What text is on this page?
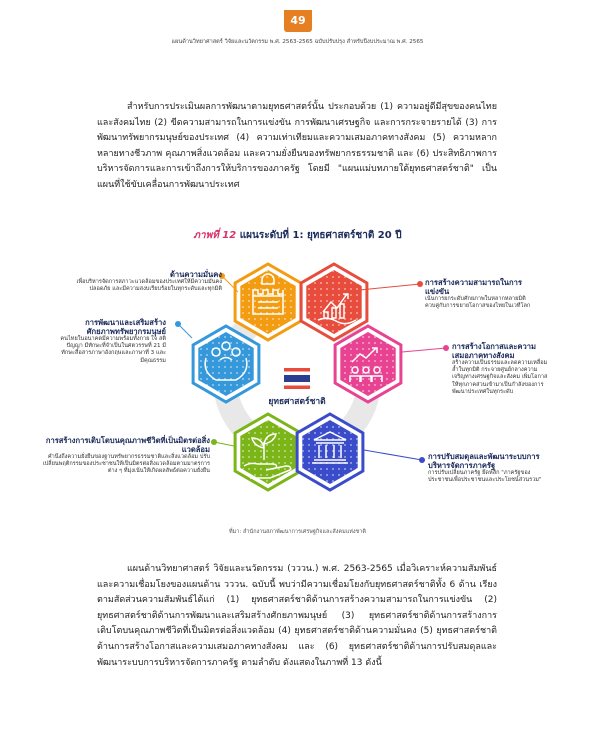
49
แผนด้านวิทยาศาสตร์ วิจัยและนวัตกรรม พ.ศ. 2563-2565 ฉบับปรับปรุง สำหรับปีงบประมาณ พ.ศ. 2565
สำหรับการประเมินผลการพัฒนาตามยุทธศาสตร์นั้น ประกอบด้วย (1) ความอยู่ดีมีสุขของคนไทยและสังคมไทย (2) ขีดความสามารถในการแข่งขัน การพัฒนาเศรษฐกิจ และการกระจายรายได้ (3) การพัฒนาทรัพยากรมนุษย์ของประเทศ (4) ความเท่าเทียมและความเสมอภาคทางสังคม (5) ความหลากหลายทางชีวภาพ คุณภาพสิ่งแวดล้อม และความยั่งยืนของทรัพยากรธรรมชาติ และ (6) ประสิทธิภาพการบริหารจัดการและการเข้าถึงการให้บริการของภาครัฐ โดยมี "แผนแม่บทภายใต้ยุทธศาสตร์ชาติ" เป็นแผนที่ใช้ขับเคลื่อนการพัฒนาประเทศ
ภาพที่ 12 แผนระดับที่ 1: ยุทธศาสตร์ชาติ 20 ปี
ยุทธศาสตร์ชาติ
ด้านความมั่นคง
เพื่อบริหารจัดการสภาวะแวดล้อมของประเทศให้มีความมั่นคงปลอดภัย และมีความสงบเรียบร้อยในทุกระดับและทุกมิติ
การสร้างความสามารถในการแข่งขัน
เน้นการยกระดับศักยภาพในหลากหลายมิติ ควบคู่กับการขยายโอกาสของไทยในเวทีโลก
การพัฒนาและเสริมสร้างศักยภาพทรัพยากรมนุษย์
คนไทยในอนาคตมีความพร้อมทั้งกาย ใจ สติปัญญา มีทักษะที่จำเป็นในศตวรรษที่ 21 มีทักษะสื่อสารภาษาอังกฤษและภาษาที่ 3 และมีคุณธรรม
การสร้างโอกาสและความเสมอภาคทางสังคม
สร้างความเป็นธรรมและลดความเหลื่อมล้ำในทุกมิติ กระจายศูนย์กลางความเจริญทางเศรษฐกิจและสังคม เพิ่มโอกาสให้ทุกภาคส่วนเข้ามาเป็นกำลังของการพัฒนาประเทศในทุกระดับ
การสร้างการเติบโตบนคุณภาพชีวิตที่เป็นมิตรต่อสิ่งแวดล้อม
คำนึงถึงความยั่งยืนของฐานทรัพยากรธรรมชาติและสิ่งแวดล้อม ปรับเปลี่ยนพฤติกรรมของประชาชนให้เป็นมิตรต่อสิ่งแวดล้อมตามมาตรการต่าง ๆ ที่มุ่งเน้นให้เกิดผลลัพธ์ต่อความยั่งยืน
การปรับสมดุลและพัฒนาระบบการบริหารจัดการภาครัฐ
การปรับเปลี่ยนภาครัฐ ยึดหลัก "ภาครัฐของประชาชนเพื่อประชาชนและประโยชน์ส่วนรวม"
ที่มา: สำนักงานสภาพัฒนาการเศรษฐกิจและสังคมแห่งชาติ
แผนด้านวิทยาศาสตร์ วิจัยและนวัตกรรม (วววน.) พ.ศ. 2563-2565 เมื่อวิเคราะห์ความสัมพันธ์และความเชื่อมโยงของแผนด้าน วววน. ฉบับนี้ พบว่ามีความเชื่อมโยงกับยุทธศาสตร์ชาติทั้ง 6 ด้าน เรียงตามสัดส่วนความสัมพันธ์ได้แก่ (1) ยุทธศาสตร์ชาติด้านการสร้างความสามารถในการแข่งขัน (2) ยุทธศาสตร์ชาติด้านการพัฒนาและเสริมสร้างศักยภาพมนุษย์ (3) ยุทธศาสตร์ชาติด้านการสร้างการเติบโตบนคุณภาพชีวิตที่เป็นมิตรต่อสิ่งแวดล้อม (4) ยุทธศาสตร์ชาติด้านความมั่นคง (5) ยุทธศาสตร์ชาติด้านการสร้างโอกาสและความเสมอภาคทางสังคม และ (6) ยุทธศาสตร์ชาติด้านการปรับสมดุลและพัฒนาระบบการบริหารจัดการภาครัฐ ตามลำดับ ดังแสดงในภาพที่ 13 ดังนี้
